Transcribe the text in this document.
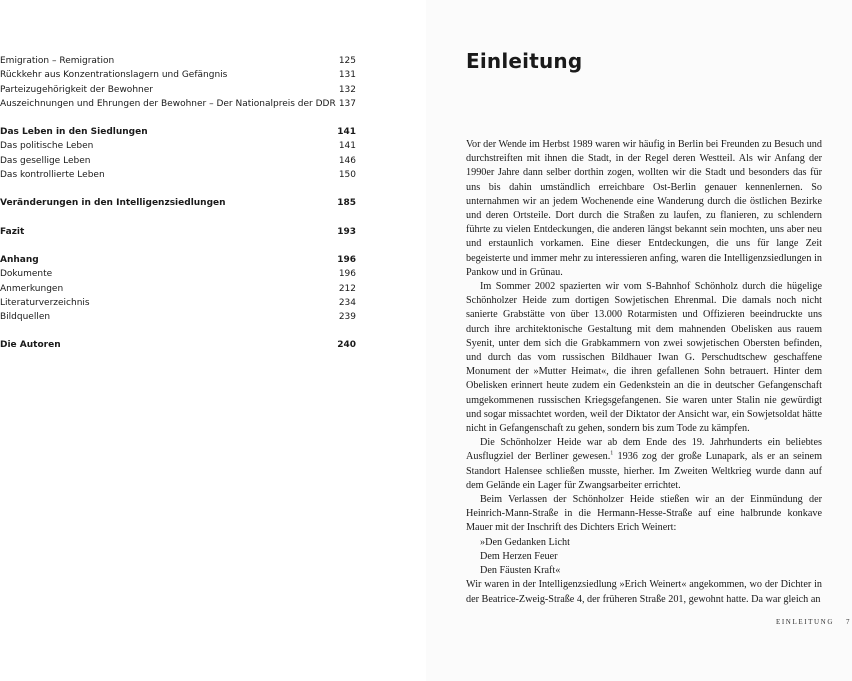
Emigration – Remigration	125
Rückkehr aus Konzentrationslagern und Gefängnis	131
Parteizugehörigkeit der Bewohner	132
Auszeichnungen und Ehrungen der Bewohner – Der Nationalpreis der DDR 137
Das Leben in den Siedlungen	141
Das politische Leben	141
Das gesellige Leben	146
Das kontrollierte Leben	150
Veränderungen in den Intelligenzsiedlungen	185
Fazit	193
Anhang	196
Dokumente	196
Anmerkungen	212
Literaturverzeichnis	234
Bildquellen	239
Die Autoren	240
Einleitung

Vor der Wende im Herbst 1989 waren wir häufig in Berlin bei Freunden zu Besuch und durchstreiften mit ihnen die Stadt, in der Regel deren Westteil. Als wir Anfang der 1990er Jahre dann selber dorthin zogen, wollten wir die Stadt und besonders das für uns bis dahin umständlich erreichbare Ost-Berlin genauer kennenlernen. So unternahmen wir an jedem Wochenende eine Wanderung durch die östlichen Bezirke und deren Ortsteile. Dort durch die Straßen zu laufen, zu flanieren, zu schlendern führte zu vielen Entdeckungen, die anderen längst bekannt sein mochten, uns aber neu und erstaunlich vorkamen. Eine dieser Entdeckungen, die uns für lange Zeit begeisterte und immer mehr zu interessieren anfing, waren die Intelligenzsiedlungen in Pankow und in Grünau.

Im Sommer 2002 spazierten wir vom S-Bahnhof Schönholz durch die hügelige Schönholzer Heide zum dortigen Sowjetischen Ehrenmal. Die damals noch nicht sanierte Grabstätte von über 13.000 Rotarmisten und Offizieren beeindruckte uns durch ihre architektonische Gestaltung mit dem mahnenden Obelisken aus rauem Syenit, unter dem sich die Grabkammern von zwei sowjetischen Obersten befinden, und durch das vom russischen Bildhauer Iwan G. Perschudtschew geschaffene Monument der »Mutter Heimat«, die ihren gefallenen Sohn betrauert. Hinter dem Obelisken erinnert heute zudem ein Gedenkstein an die in deutscher Gefangenschaft umgekommenen russischen Kriegsgefangenen. Sie waren unter Stalin nie gewürdigt und sogar missachtet worden, weil der Diktator der Ansicht war, ein Sowjetsoldat hätte nicht in Gefangenschaft zu gehen, sondern bis zum Tode zu kämpfen.

Die Schönholzer Heide war ab dem Ende des 19. Jahrhunderts ein beliebtes Ausflugziel der Berliner gewesen.$^1$ 1936 zog der große Lunapark, als er an seinem Standort Halensee schließen musste, hierher. Im Zweiten Weltkrieg wurde dann auf dem Gelände ein Lager für Zwangsarbeiter errichtet.

Beim Verlassen der Schönholzer Heide stießen wir an der Einmündung der Heinrich-Mann-Straße in die Hermann-Hesse-Straße auf eine halbrunde konkave Mauer mit der Inschrift des Dichters Erich Weinert:

»Den Gedanken Licht
Dem Herzen Feuer
Den Fäusten Kraft«

Wir waren in der Intelligenzsiedlung »Erich Weinert« angekommen, wo der Dichter in der Beatrice-Zweig-Straße 4, der früheren Straße 201, gewohnt hatte. Da war gleich an

EINLEITUNG 7
